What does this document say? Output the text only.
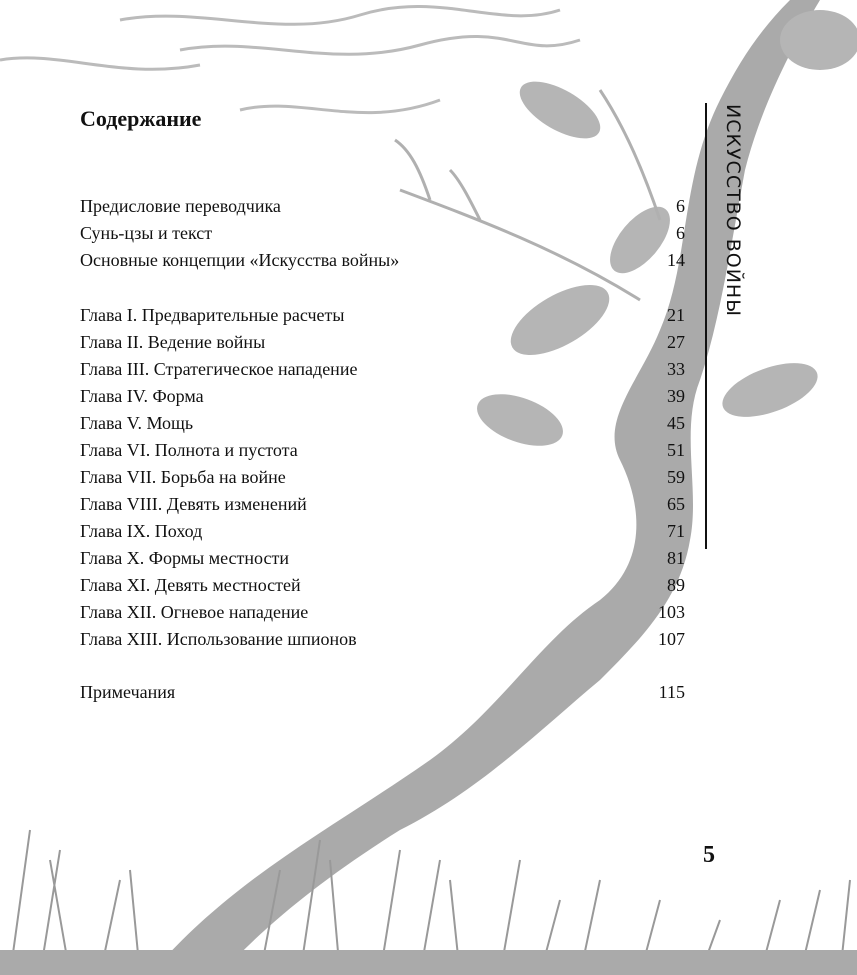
Содержание
Предисловие переводчика	6
Сунь-цзы и текст	6
Основные концепции «Искусства войны»	14
Глава I. Предварительные расчеты	21
Глава II. Ведение войны	27
Глава III. Стратегическое нападение	33
Глава IV. Форма	39
Глава V. Мощь	45
Глава VI. Полнота и пустота	51
Глава VII. Борьба на войне	59
Глава VIII. Девять изменений	65
Глава IX. Поход	71
Глава X. Формы местности	81
Глава XI. Девять местностей	89
Глава XII. Огневое нападение	103
Глава XIII. Использование шпионов	107
Примечания	115
ИСКУССТВО ВОЙНЫ
5
